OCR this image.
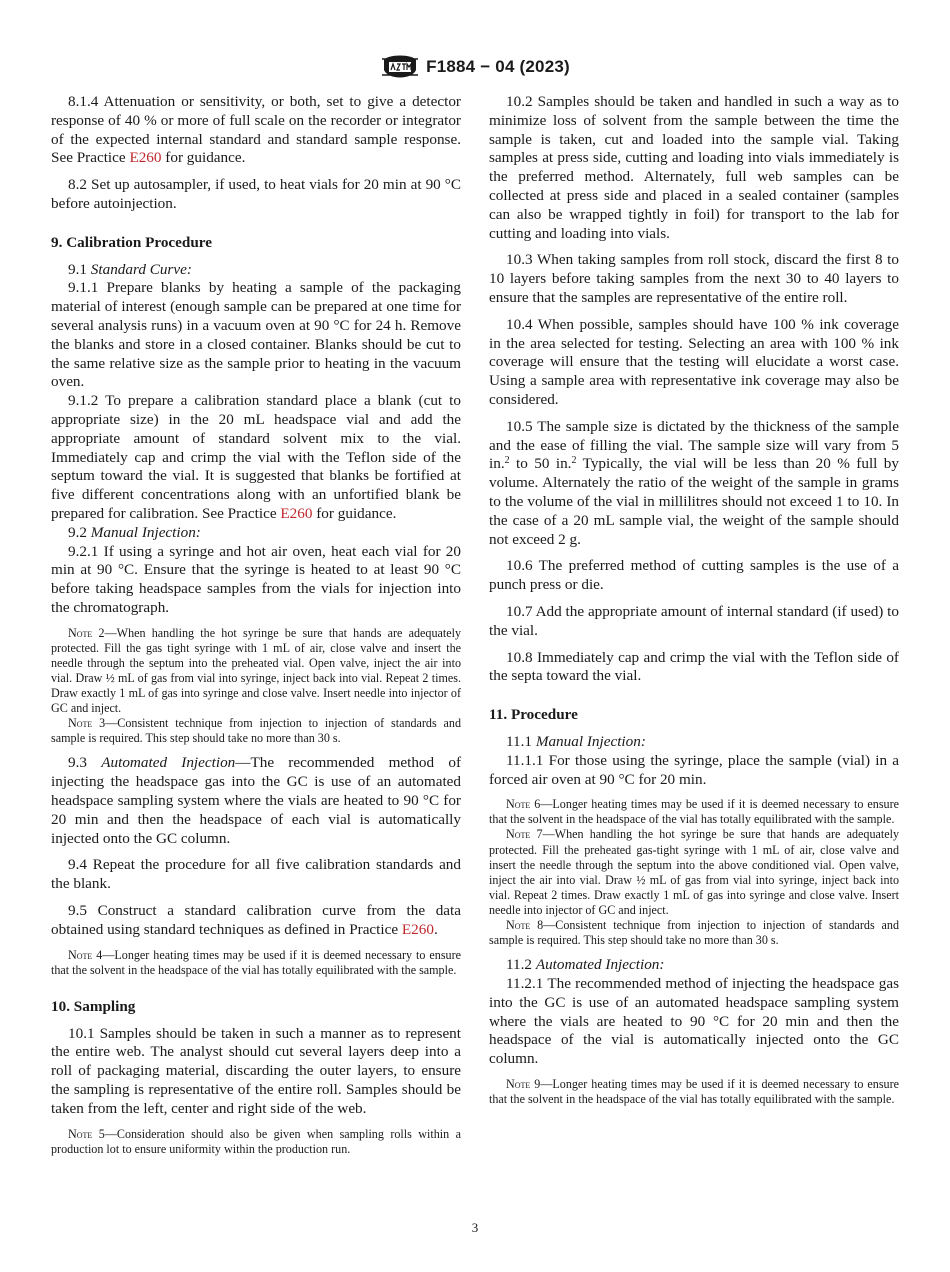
F1884 − 04 (2023)

8.1.4 Attenuation or sensitivity, or both, set to give a detector response of 40 % or more of full scale on the recorder or integrator of the expected internal standard and standard sample response. See Practice E260 for guidance.

8.2 Set up autosampler, if used, to heat vials for 20 min at 90 °C before autoinjection.

9. Calibration Procedure

9.1 Standard Curve:

9.1.1 Prepare blanks by heating a sample of the packaging material of interest (enough sample can be prepared at one time for several analysis runs) in a vacuum oven at 90 °C for 24 h. Remove the blanks and store in a closed container. Blanks should be cut to the same relative size as the sample prior to heating in the vacuum oven.

9.1.2 To prepare a calibration standard place a blank (cut to appropriate size) in the 20 mL headspace vial and add the appropriate amount of standard solvent mix to the vial. Immediately cap and crimp the vial with the Teflon side of the septum toward the vial. It is suggested that blanks be fortified at five different concentrations along with an unfortified blank be prepared for calibration. See Practice E260 for guidance.

9.2 Manual Injection:

9.2.1 If using a syringe and hot air oven, heat each vial for 20 min at 90 °C. Ensure that the syringe is heated to at least 90 °C before taking headspace samples from the vials for injection into the chromatograph.

Note 2—When handling the hot syringe be sure that hands are adequately protected. Fill the gas tight syringe with 1 mL of air, close valve and insert the needle through the septum into the preheated vial. Open valve, inject the air into vial. Draw ½ mL of gas from vial into syringe, inject back into vial. Repeat 2 times. Draw exactly 1 mL of gas into syringe and close valve. Insert needle into injector of GC and inject.

Note 3—Consistent technique from injection to injection of standards and sample is required. This step should take no more than 30 s.

9.3 Automated Injection—The recommended method of injecting the headspace gas into the GC is use of an automated headspace sampling system where the vials are heated to 90 °C for 20 min and then the headspace of each vial is automatically injected onto the GC column.

9.4 Repeat the procedure for all five calibration standards and the blank.

9.5 Construct a standard calibration curve from the data obtained using standard techniques as defined in Practice E260.

Note 4—Longer heating times may be used if it is deemed necessary to ensure that the solvent in the headspace of the vial has totally equilibrated with the sample.

10. Sampling

10.1 Samples should be taken in such a manner as to represent the entire web. The analyst should cut several layers deep into a roll of packaging material, discarding the outer layers, to ensure the sampling is representative of the entire roll. Samples should be taken from the left, center and right side of the web.

Note 5—Consideration should also be given when sampling rolls within a production lot to ensure uniformity within the production run.

10.2 Samples should be taken and handled in such a way as to minimize loss of solvent from the sample between the time the sample is taken, cut and loaded into the sample vial. Taking samples at press side, cutting and loading into vials immediately is the preferred method. Alternately, full web samples can be collected at press side and placed in a sealed container (samples can also be wrapped tightly in foil) for transport to the lab for cutting and loading into vials.

10.3 When taking samples from roll stock, discard the first 8 to 10 layers before taking samples from the next 30 to 40 layers to ensure that the samples are representative of the entire roll.

10.4 When possible, samples should have 100 % ink coverage in the area selected for testing. Selecting an area with 100 % ink coverage will ensure that the testing will elucidate a worst case. Using a sample area with representative ink coverage may also be considered.

10.5 The sample size is dictated by the thickness of the sample and the ease of filling the vial. The sample size will vary from 5 in.$^2$ to 50 in.$^2$ Typically, the vial will be less than 20 % full by volume. Alternately the ratio of the weight of the sample in grams to the volume of the vial in millilitres should not exceed 1 to 10. In the case of a 20 mL sample vial, the weight of the sample should not exceed 2 g.

10.6 The preferred method of cutting samples is the use of a punch press or die.

10.7 Add the appropriate amount of internal standard (if used) to the vial.

10.8 Immediately cap and crimp the vial with the Teflon side of the septa toward the vial.

11. Procedure

11.1 Manual Injection:

11.1.1 For those using the syringe, place the sample (vial) in a forced air oven at 90 °C for 20 min.

Note 6—Longer heating times may be used if it is deemed necessary to ensure that the solvent in the headspace of the vial has totally equilibrated with the sample.

Note 7—When handling the hot syringe be sure that hands are adequately protected. Fill the preheated gas-tight syringe with 1 mL of air, close valve and insert the needle through the septum into the above conditioned vial. Open valve, inject the air into vial. Draw ½ mL of gas from vial into syringe, inject back into vial. Repeat 2 times. Draw exactly 1 mL of gas into syringe and close valve. Insert needle into injector of GC and inject.

Note 8—Consistent technique from injection to injection of standards and sample is required. This step should take no more than 30 s.

11.2 Automated Injection:

11.2.1 The recommended method of injecting the headspace gas into the GC is use of an automated headspace sampling system where the vials are heated to 90 °C for 20 min and then the headspace of the vial is automatically injected onto the GC column.

Note 9—Longer heating times may be used if it is deemed necessary to ensure that the solvent in the headspace of the vial has totally equilibrated with the sample.

3
